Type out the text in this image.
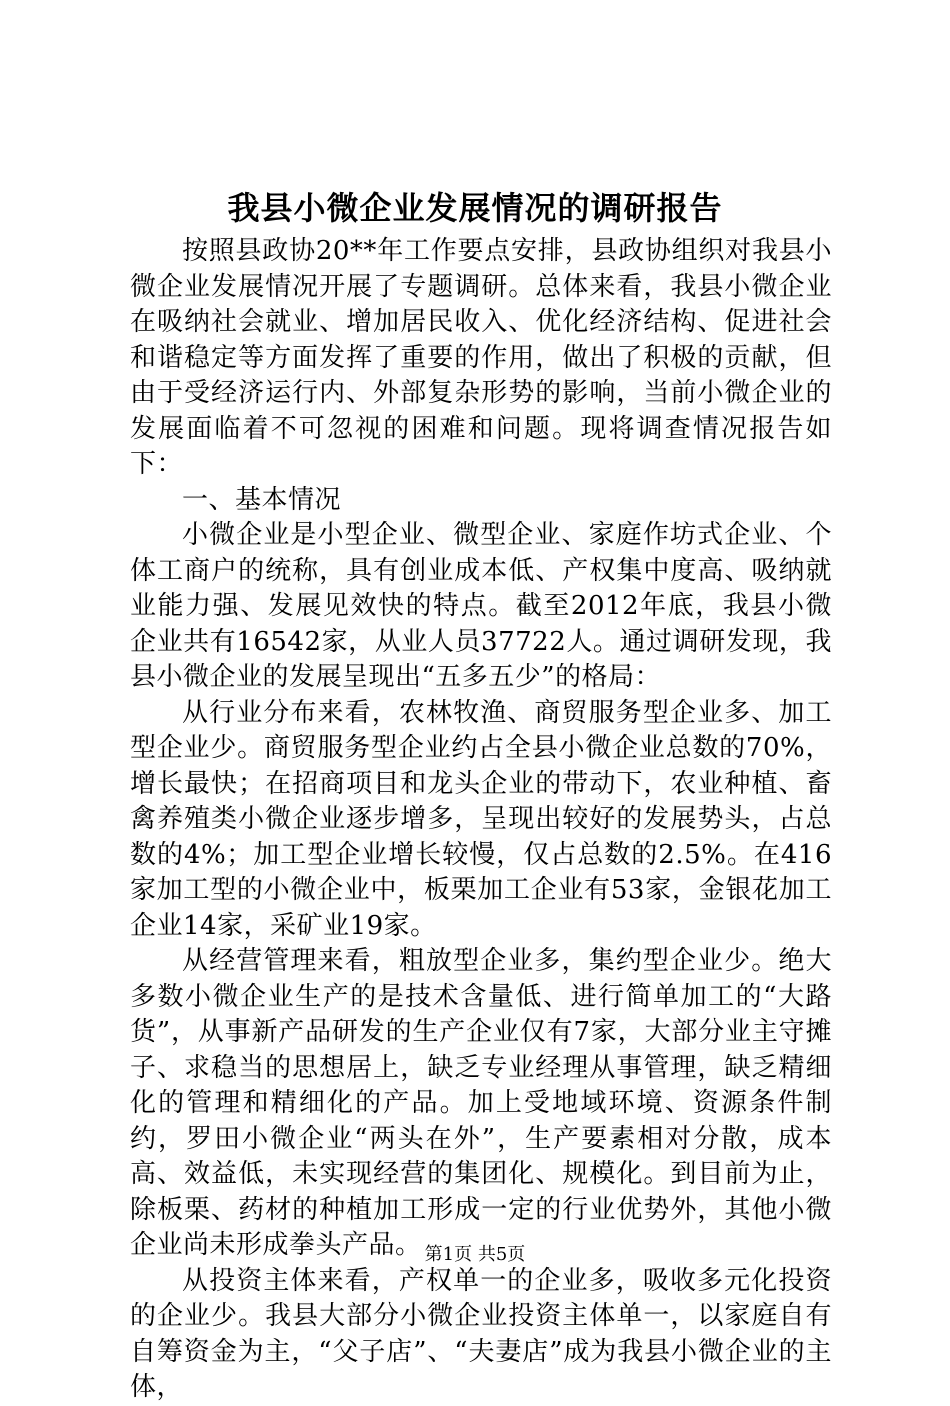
我县小微企业发展情况的调研报告

按照县政协20**年工作要点安排，县政协组织对我县小微企业发展情况开展了专题调研。总体来看，我县小微企业在吸纳社会就业、增加居民收入、优化经济结构、促进社会和谐稳定等方面发挥了重要的作用，做出了积极的贡献，但由于受经济运行内、外部复杂形势的影响，当前小微企业的发展面临着不可忽视的困难和问题。现将调查情况报告如下：

一、基本情况

小微企业是小型企业、微型企业、家庭作坊式企业、个体工商户的统称，具有创业成本低、产权集中度高、吸纳就业能力强、发展见效快的特点。截至2012年底，我县小微企业共有16542家，从业人员37722人。通过调研发现，我县小微企业的发展呈现出“五多五少”的格局：

从行业分布来看，农林牧渔、商贸服务型企业多、加工型企业少。商贸服务型企业约占全县小微企业总数的70%，增长最快；在招商项目和龙头企业的带动下，农业种植、畜禽养殖类小微企业逐步增多，呈现出较好的发展势头，占总数的4%；加工型企业增长较慢，仅占总数的2.5%。在416家加工型的小微企业中，板栗加工企业有53家，金银花加工企业14家，采矿业19家。

从经营管理来看，粗放型企业多，集约型企业少。绝大多数小微企业生产的是技术含量低、进行简单加工的“大路货”，从事新产品研发的生产企业仅有7家，大部分业主守摊子、求稳当的思想居上，缺乏专业经理从事管理，缺乏精细化的管理和精细化的产品。加上受地域环境、资源条件制约，罗田小微企业“两头在外”，生产要素相对分散，成本高、效益低，未实现经营的集团化、规模化。到目前为止，除板栗、药材的种植加工形成一定的行业优势外，其他小微企业尚未形成拳头产品。

从投资主体来看，产权单一的企业多，吸收多元化投资的企业少。我县大部分小微企业投资主体单一，以家庭自有自筹资金为主，“父子店”、“夫妻店”成为我县小微企业的主体，

第1页 共5页
